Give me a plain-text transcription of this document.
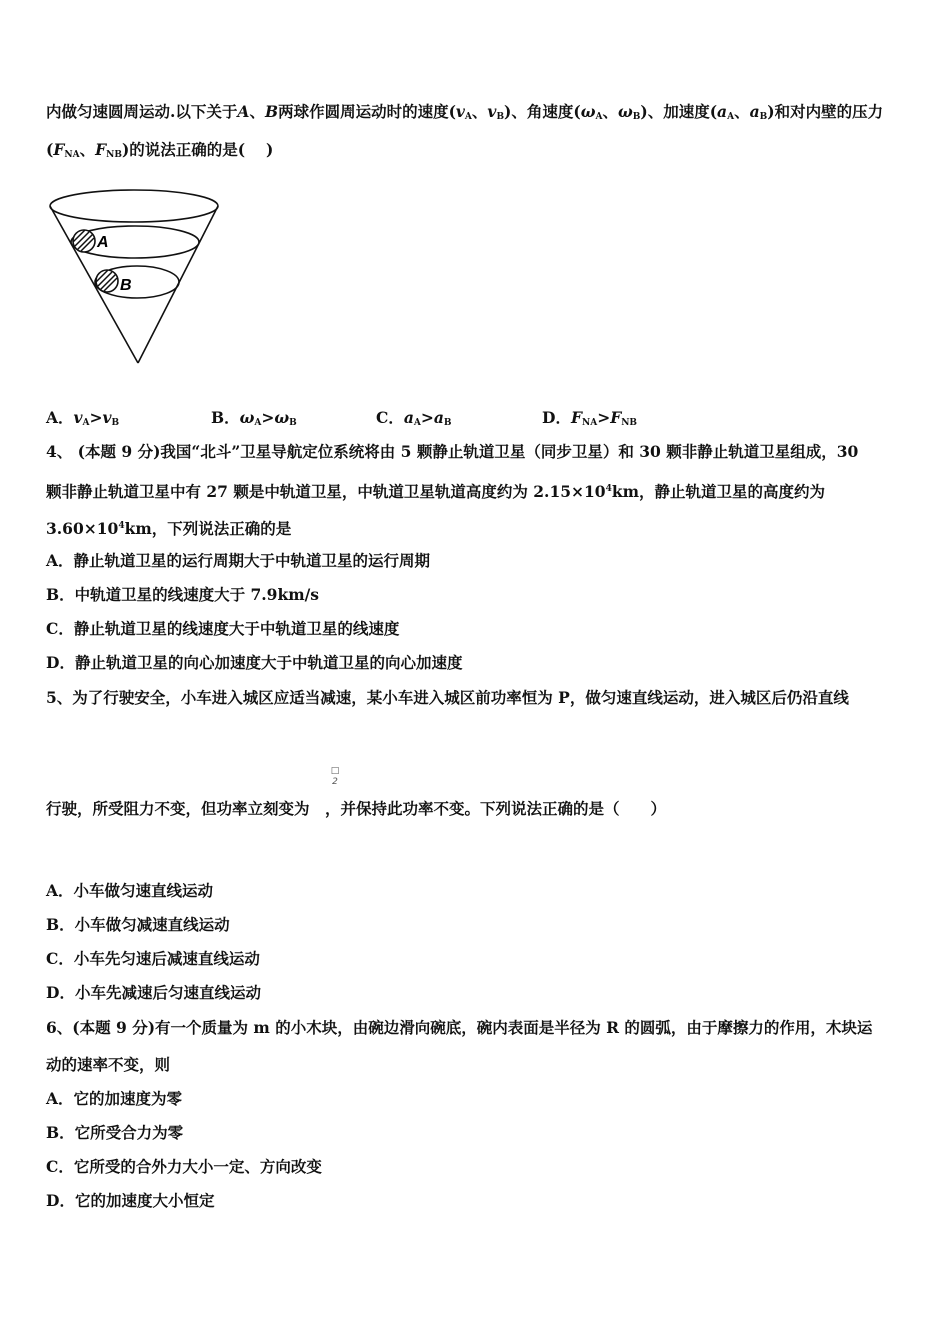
内做匀速圆周运动.以下关于A、B两球作圆周运动时的速度($v_A$、$v_B$)、角速度($\omega_A$、$\omega_B$)、加速度($a_A$、$a_B$)和对内壁的压力
($F_{NA}$、$F_{NB}$)的说法正确的是(　 )
A
B
A．$v_A>v_B$	B．$\omega_A>\omega_B$	C．$a_A>a_B$	D．$F_{NA}>F_{NB}$
4、 (本题 9 分)我国“北斗”卫星导航定位系统将由 5 颗静止轨道卫星（同步卫星）和 30 颗非静止轨道卫星组成，30
颗非静止轨道卫星中有 27 颗是中轨道卫星，中轨道卫星轨道高度约为 $2.15\times 10^4km$，静止轨道卫星的高度约为
$3.60\times 10^4km$，下列说法正确的是
A．静止轨道卫星的运行周期大于中轨道卫星的运行周期
B．中轨道卫星的线速度大于 7.9km/s
C．静止轨道卫星的线速度大于中轨道卫星的线速度
D．静止轨道卫星的向心加速度大于中轨道卫星的向心加速度
5、为了行驶安全，小车进入城区应适当减速，某小车进入城区前功率恒为 P，做匀速直线运动，进入城区后仍沿直线
□
2
行驶，所受阻力不变，但功率立刻变为　，并保持此功率不变。下列说法正确的是（　　）
A．小车做匀速直线运动
B．小车做匀减速直线运动
C．小车先匀速后减速直线运动
D．小车先减速后匀速直线运动
6、(本题 9 分)有一个质量为 m 的小木块，由碗边滑向碗底，碗内表面是半径为 R 的圆弧，由于摩擦力的作用，木块运
动的速率不变，则
A．它的加速度为零
B．它所受合力为零
C．它所受的合外力大小一定、方向改变
D．它的加速度大小恒定
